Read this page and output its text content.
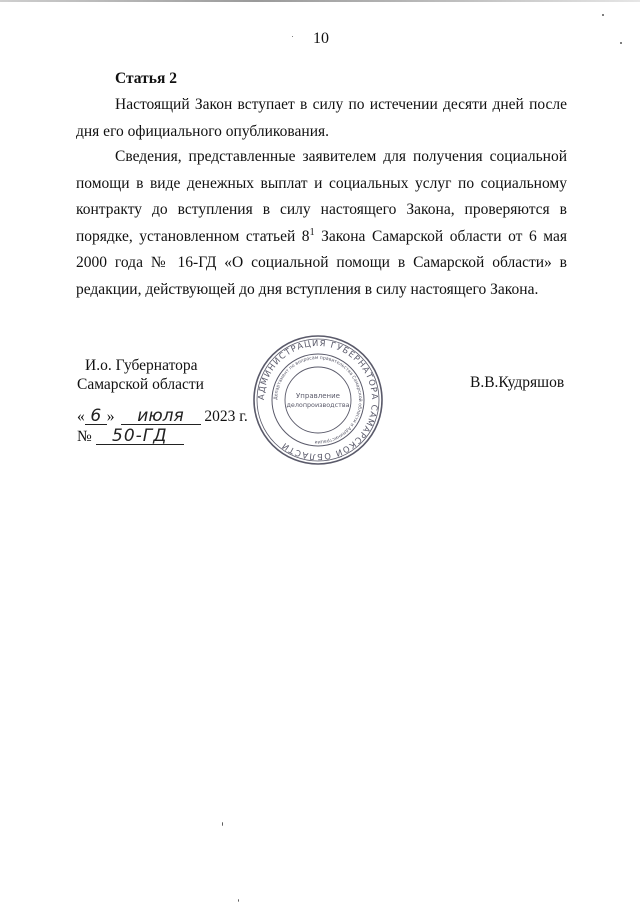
10
Статья 2

Настоящий Закон вступает в силу по истечении десяти дней после дня его официального опубликования.

Сведения, представленные заявителем для получения социальной помощи в виде денежных выплат и социальных услуг по социальному контракту до вступления в силу настоящего Закона, проверяются в порядке, установленном статьей $8^1$ Закона Самарской области от 6 мая 2000 года № 16-ГД «О социальной помощи в Самарской области» в редакции, действующей до дня вступления в силу настоящего Закона.

И.о. Губернатора
Самарской области	В.В.Кудряшов
« 6 » июля 2023 г.
№ 50-ГД
АДМИНИСТРАЦИЯ ГУБЕРНАТОРА САМАРСКОЙ ОБЛАСТИ
Департамент по вопросам правительства Самарской области и Администрации
Управление
делопроизводства
